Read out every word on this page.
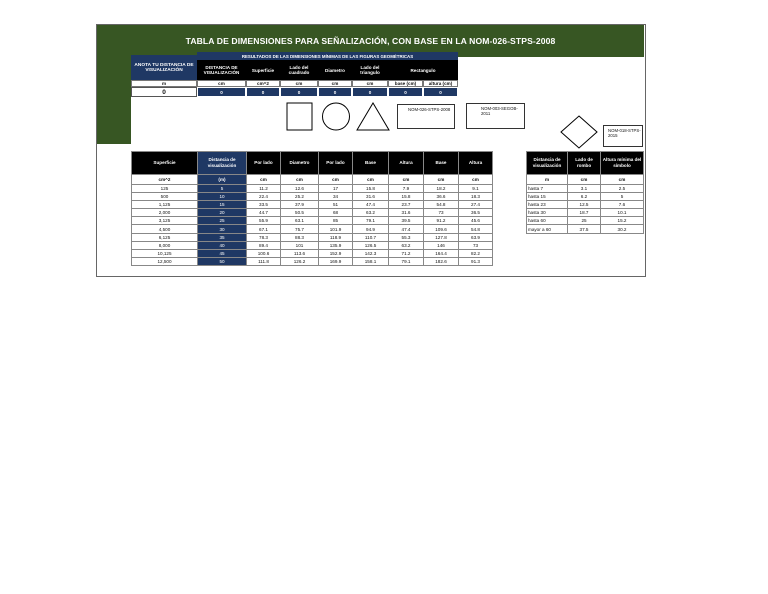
TABLA DE DIMENSIONES PARA SEÑALIZACIÓN, CON BASE EN LA NOM-026-STPS-2008
ANOTA TU DISTANCIA DE VISUALIZACIÓN
m
0
RESULTADOS DE LAS DIMENSIONES MÍNIMAS DE LAS FIGURAS GEOMÉTRICAS
DISTANCIA DE VISUALIZACIÓN	Superficie	Lado del cuadrado	Diametro	Lado del triangulo	Rectangulo
cm	cm^2	cm	cm	cm	base (cm)	altura (cm)
0	0	0	0	0	0	0
NOM-026-STPS-2008	NOM-003-SEGOB-2011
NOM-018-STPS-2015
Superficie	Distancia de visualización	Por lado	Diametro	Por lado	Base	Altura	Base	Altura
cm^2	(m)	cm	cm	cm	cm	cm	cm	cm
125	5	11.2	12.6	17	15.8	7.9	18.2	9.1
500	10	22.4	25.2	34	31.6	15.8	36.6	18.3
1,125	15	33.5	37.9	51	47.4	23.7	54.8	27.4
2,000	20	44.7	50.5	68	63.2	31.6	73	36.5
3,125	25	55.9	63.1	85	79.1	39.5	91.2	45.6
4,500	30	67.1	75.7	101.9	94.9	47.4	109.6	54.8
6,125	35	78.3	88.3	118.9	110.7	55.3	127.8	63.9
8,000	40	89.4	101	135.9	126.5	63.2	146	73
10,125	45	100.6	113.6	152.9	142.3	71.2	164.4	82.2
12,500	50	111.8	126.2	169.9	158.1	79.1	182.6	91.3
Distancia de visualización	Lado de rombo	Altura mínima del símbolo
m	cm	cm
hasta 7	3.1	2.5
hasta 15	6.2	5
hasta 23	12.5	7.6
hasta 30	18.7	10.1
hasta 60	25	15.2
mayor a 60	37.5	30.2
